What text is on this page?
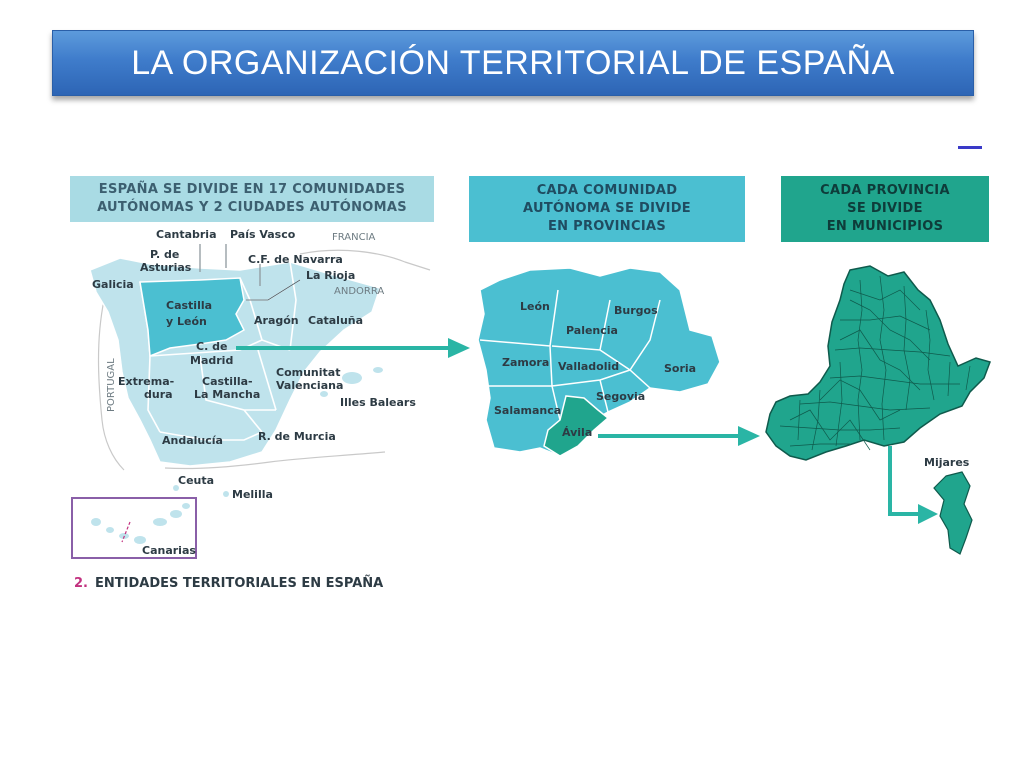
LA ORGANIZACIÓN TERRITORIAL DE ESPAÑA
ESPAÑA SE DIVIDE EN 17 COMUNIDADES
AUTÓNOMAS Y 2 CIUDADES AUTÓNOMAS
CADA COMUNIDAD
AUTÓNOMA SE DIVIDE
EN PROVINCIAS
CADA PROVINCIA
SE DIVIDE
EN MUNICIPIOS
Cantabria País Vasco	FRANCIA
P. de
Asturias
C.F. de Navarra
La Rioja
ANDORRA
Galicia
Castilla
y León	Aragón Cataluña
C. de
Madrid
Comunitat
Valenciana
Extrema-
dura
Castilla-
La Mancha
Illes Balears
R. de Murcia
Andalucía
Ceuta
Melilla
Canarias
PORTUGAL
León	Burgos
Palencia
Zamora Valladolid	Soria
Salamanca
Segovia
Ávila
Mijares
2. ENTIDADES TERRITORIALES EN ESPAÑA
